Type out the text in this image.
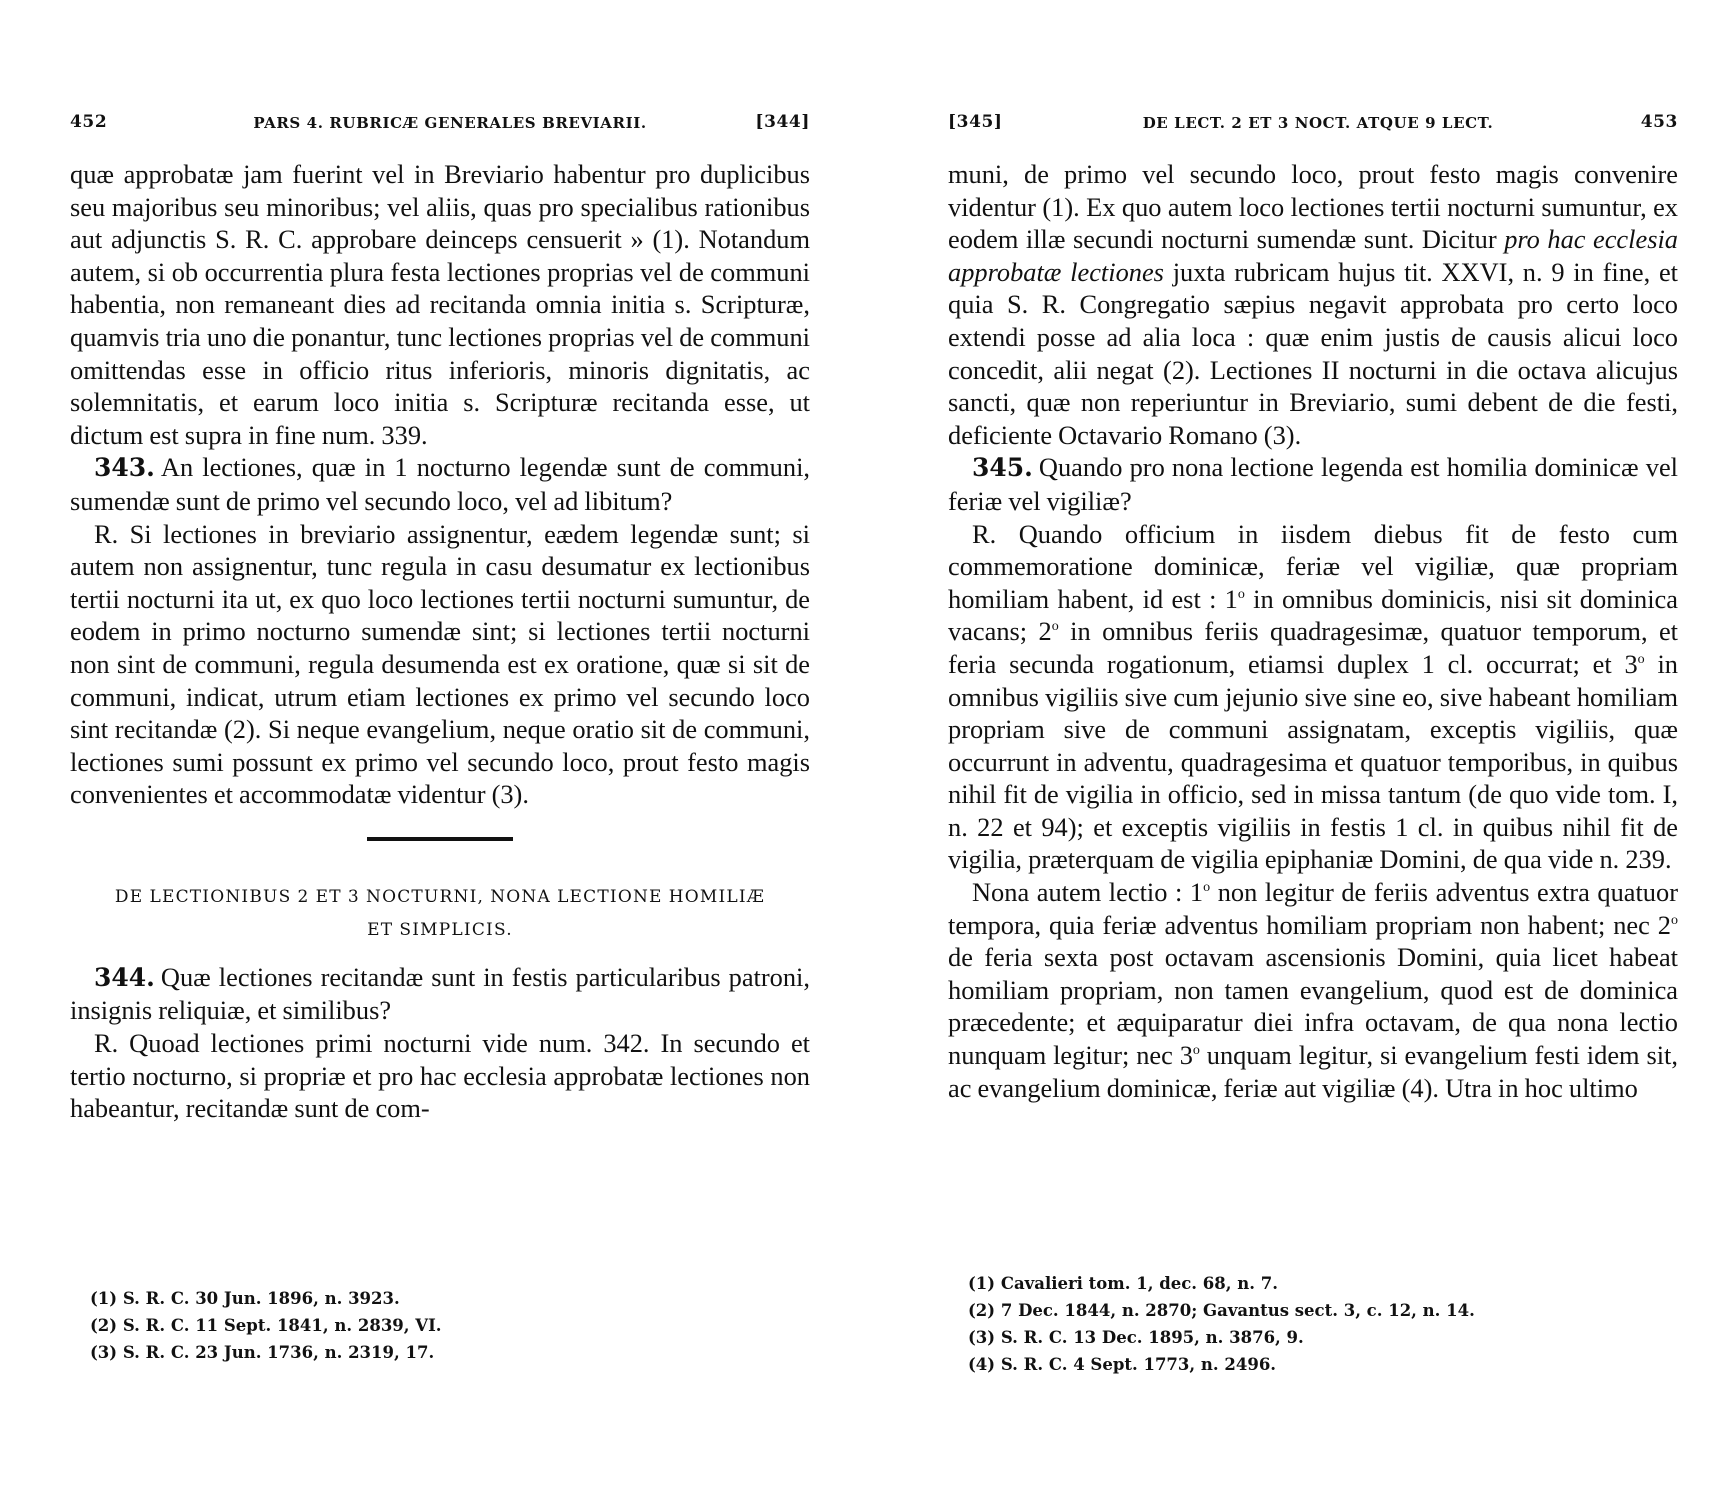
452	PARS 4. RUBRICÆ GENERALES BREVIARII.	[344]

quæ approbatæ jam fuerint vel in Breviario habentur pro duplicibus seu majoribus seu minoribus; vel aliis, quas pro specialibus rationibus aut adjunctis S. R. C. approbare deinceps censuerit » (1). Notandum autem, si ob occurrentia plura festa lectiones proprias vel de communi habentia, non remaneant dies ad recitanda omnia initia s. Scripturæ, quamvis tria uno die ponantur, tunc lectiones proprias vel de communi omittendas esse in officio ritus inferioris, minoris dignitatis, ac solemnitatis, et earum loco initia s. Scripturæ recitanda esse, ut dictum est supra in fine num. 339.

343. An lectiones, quæ in 1 nocturno legendæ sunt de communi, sumendæ sunt de primo vel secundo loco, vel ad libitum?

R. Si lectiones in breviario assignentur, eædem legendæ sunt; si autem non assignentur, tunc regula in casu desumatur ex lectionibus tertii nocturni ita ut, ex quo loco lectiones tertii nocturni sumuntur, de eodem in primo nocturno sumendæ sint; si lectiones tertii nocturni non sint de communi, regula desumenda est ex oratione, quæ si sit de communi, indicat, utrum etiam lectiones ex primo vel secundo loco sint recitandæ (2). Si neque evangelium, neque oratio sit de communi, lectiones sumi possunt ex primo vel secundo loco, prout festo magis convenientes et accommodatæ videntur (3).

DE LECTIONIBUS 2 ET 3 NOCTURNI, NONA LECTIONE HOMILIÆ
ET SIMPLICIS.

344. Quæ lectiones recitandæ sunt in festis particularibus patroni, insignis reliquiæ, et similibus?

R. Quoad lectiones primi nocturni vide num. 342. In secundo et tertio nocturno, si propriæ et pro hac ecclesia approbatæ lectiones non habeantur, recitandæ sunt de com-

(1) S. R. C. 30 Jun. 1896, n. 3923.
(2) S. R. C. 11 Sept. 1841, n. 2839, VI.
(3) S. R. C. 23 Jun. 1736, n. 2319, 17.
[345]	DE LECT. 2 ET 3 NOCT. ATQUE 9 LECT.	453

muni, de primo vel secundo loco, prout festo magis convenire videntur (1). Ex quo autem loco lectiones tertii nocturni sumuntur, ex eodem illæ secundi nocturni sumendæ sunt. Dicitur pro hac ecclesia approbatæ lectiones juxta rubricam hujus tit. XXVI, n. 9 in fine, et quia S. R. Congregatio sæpius negavit approbata pro certo loco extendi posse ad alia loca : quæ enim justis de causis alicui loco concedit, alii negat (2). Lectiones II nocturni in die octava alicujus sancti, quæ non reperiuntur in Breviario, sumi debent de die festi, deficiente Octavario Romano (3).

345. Quando pro nona lectione legenda est homilia dominicæ vel feriæ vel vigiliæ?

R. Quando officium in iisdem diebus fit de festo cum commemoratione dominicæ, feriæ vel vigiliæ, quæ propriam homiliam habent, id est : 1$^o$ in omnibus dominicis, nisi sit dominica vacans; 2$^o$ in omnibus feriis quadragesimæ, quatuor temporum, et feria secunda rogationum, etiamsi duplex 1 cl. occurrat; et 3$^o$ in omnibus vigiliis sive cum jejunio sive sine eo, sive habeant homiliam propriam sive de communi assignatam, exceptis vigiliis, quæ occurrunt in adventu, quadragesima et quatuor temporibus, in quibus nihil fit de vigilia in officio, sed in missa tantum (de quo vide tom. I, n. 22 et 94); et exceptis vigiliis in festis 1 cl. in quibus nihil fit de vigilia, præterquam de vigilia epiphaniæ Domini, de qua vide n. 239.

Nona autem lectio : 1$^o$ non legitur de feriis adventus extra quatuor tempora, quia feriæ adventus homiliam propriam non habent; nec 2$^o$ de feria sexta post octavam ascensionis Domini, quia licet habeat homiliam propriam, non tamen evangelium, quod est de dominica præcedente; et æquiparatur diei infra octavam, de qua nona lectio nunquam legitur; nec 3$^o$ unquam legitur, si evangelium festi idem sit, ac evangelium dominicæ, feriæ aut vigiliæ (4). Utra in hoc ultimo

(1) Cavalieri tom. 1, dec. 68, n. 7.
(2) 7 Dec. 1844, n. 2870; Gavantus sect. 3, c. 12, n. 14.
(3) S. R. C. 13 Dec. 1895, n. 3876, 9.
(4) S. R. C. 4 Sept. 1773, n. 2496.
